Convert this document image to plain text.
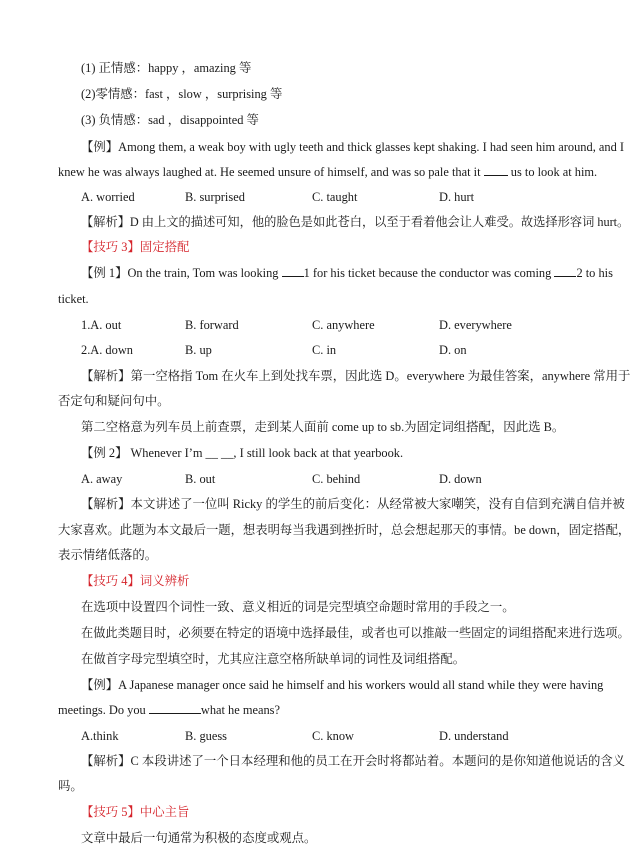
(1) 正情感：happy ，amazing 等
(2)零情感：fast ，slow ，surprising 等
(3) 负情感：sad ，disappointed 等
【例】Among them, a weak boy with ugly teeth and thick glasses kept shaking. I had seen him around, and I
knew he was always laughed at. He seemed unsure of himself, and was so pale that it us to look at him.
A. worried	B. surprised	C. taught	D. hurt
【解析】D 由上文的描述可知，他的脸色是如此苍白，以至于看着他会让人难受。故选择形容词 hurt。
【技巧 3】固定搭配
【例 1】On the train, Tom was looking 1 for his ticket because the conductor was coming 2 to his
ticket.
1.A. out	B. forward	C. anywhere	D. everywhere
2.A. down	B. up	C. in	D. on
【解析】第一空格指 Tom 在火车上到处找车票，因此选 D。everywhere 为最佳答案，anywhere 常用于
否定句和疑问句中。
第二空格意为列车员上前查票，走到某人面前 come up to sb.为固定词组搭配，因此选 B。
【例 2】 Whenever I’m __ __, I still look back at that yearbook.
A. away	B. out	C. behind	D. down
【解析】本文讲述了一位叫 Ricky 的学生的前后变化：从经常被大家嘲笑，没有自信到充满自信并被
大家喜欢。此题为本文最后一题，想表明每当我遇到挫折时，总会想起那天的事情。be down，固定搭配，
表示情绪低落的。
【技巧 4】词义辨析
在选项中设置四个词性一致、意义相近的词是完型填空命题时常用的手段之一。
在做此类题目时，必须要在特定的语境中选择最佳，或者也可以推敲一些固定的词组搭配来进行选项。
在做首字母完型填空时，尤其应注意空格所缺单词的词性及词组搭配。
【例】A Japanese manager once said he himself and his workers would all stand while they were having
meetings. Do you	what he means?
A.think	B. guess	C. know	D. understand
【解析】C 本段讲述了一个日本经理和他的员工在开会时将都站着。本题问的是你知道他说话的含义
吗。
【技巧 5】中心主旨
文章中最后一句通常为积极的态度或观点。
